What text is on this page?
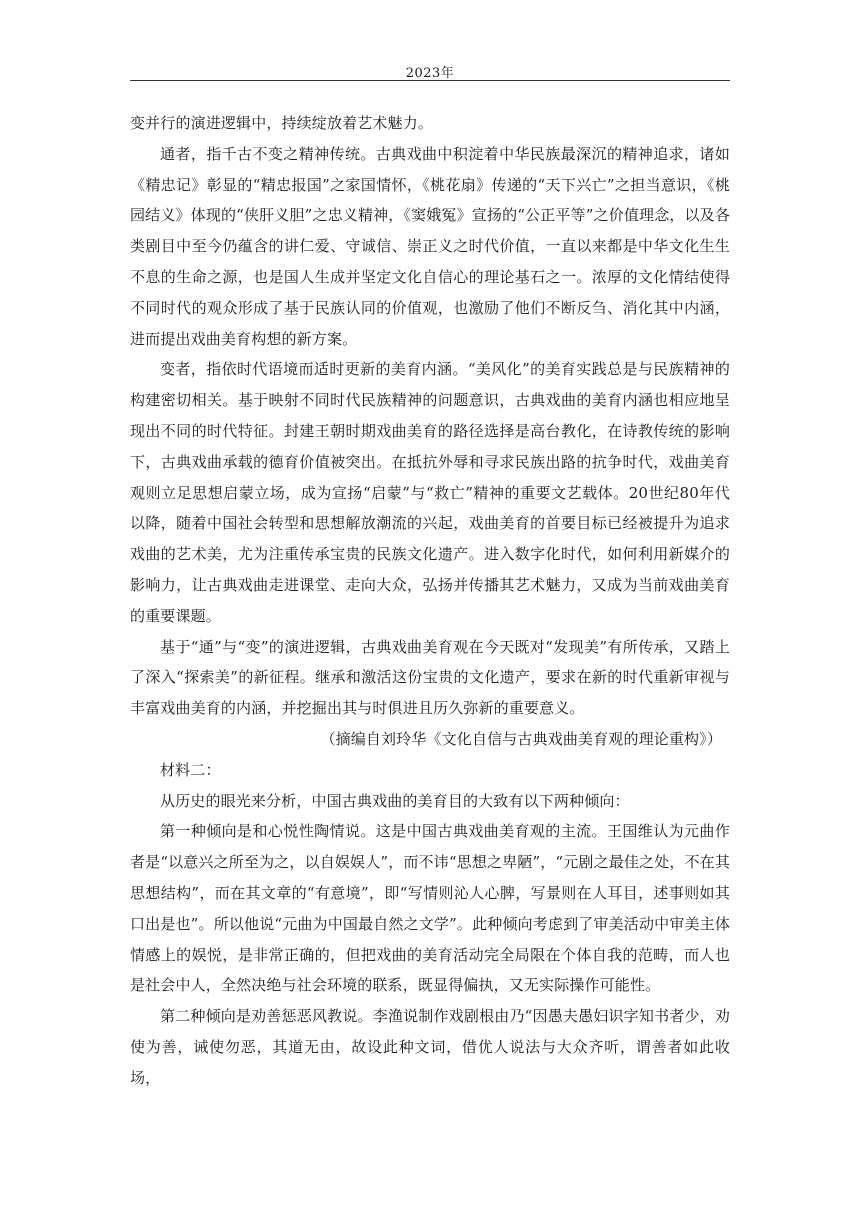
2023年

变并行的演进逻辑中，持续绽放着艺术魅力。

通者，指千古不变之精神传统。古典戏曲中积淀着中华民族最深沉的精神追求，诸如《精忠记》彰显的“精忠报国”之家国情怀，《桃花扇》传递的“天下兴亡”之担当意识，《桃园结义》体现的“侠肝义胆”之忠义精神，《窦娥冤》宣扬的“公正平等”之价值理念，以及各类剧目中至今仍蕴含的讲仁爱、守诚信、崇正义之时代价值，一直以来都是中华文化生生不息的生命之源，也是国人生成并坚定文化自信心的理论基石之一。浓厚的文化情结使得不同时代的观众形成了基于民族认同的价值观，也激励了他们不断反刍、消化其中内涵，进而提出戏曲美育构想的新方案。

变者，指依时代语境而适时更新的美育内涵。“美风化”的美育实践总是与民族精神的构建密切相关。基于映射不同时代民族精神的问题意识，古典戏曲的美育内涵也相应地呈现出不同的时代特征。封建王朝时期戏曲美育的路径选择是高台教化，在诗教传统的影响下，古典戏曲承载的德育价值被突出。在抵抗外辱和寻求民族出路的抗争时代，戏曲美育观则立足思想启蒙立场，成为宣扬“启蒙”与“救亡”精神的重要文艺载体。20世纪80年代以降，随着中国社会转型和思想解放潮流的兴起，戏曲美育的首要目标已经被提升为追求戏曲的艺术美，尤为注重传承宝贵的民族文化遗产。进入数字化时代，如何利用新媒介的影响力，让古典戏曲走进课堂、走向大众，弘扬并传播其艺术魅力，又成为当前戏曲美育的重要课题。

基于“通”与“变”的演进逻辑，古典戏曲美育观在今天既对“发现美”有所传承，又踏上了深入“探索美”的新征程。继承和激活这份宝贵的文化遗产，要求在新的时代重新审视与丰富戏曲美育的内涵，并挖掘出其与时俱进且历久弥新的重要意义。

（摘编自刘玲华《文化自信与古典戏曲美育观的理论重构》）

材料二：

从历史的眼光来分析，中国古典戏曲的美育目的大致有以下两种倾向：

第一种倾向是和心悦性陶情说。这是中国古典戏曲美育观的主流。王国维认为元曲作者是“以意兴之所至为之，以自娱娱人”，而不讳“思想之卑陋”，“元剧之最佳之处，不在其思想结构”，而在其文章的“有意境”，即“写情则沁人心脾，写景则在人耳目，述事则如其口出是也”。所以他说“元曲为中国最自然之文学”。此种倾向考虑到了审美活动中审美主体情感上的娱悦，是非常正确的，但把戏曲的美育活动完全局限在个体自我的范畴，而人也是社会中人，全然决绝与社会环境的联系，既显得偏执，又无实际操作可能性。

第二种倾向是劝善惩恶风教说。李渔说制作戏剧根由乃“因愚夫愚妇识字知书者少，劝使为善，诫使勿恶，其道无由，故设此种文词，借优人说法与大众齐听，谓善者如此收场，
